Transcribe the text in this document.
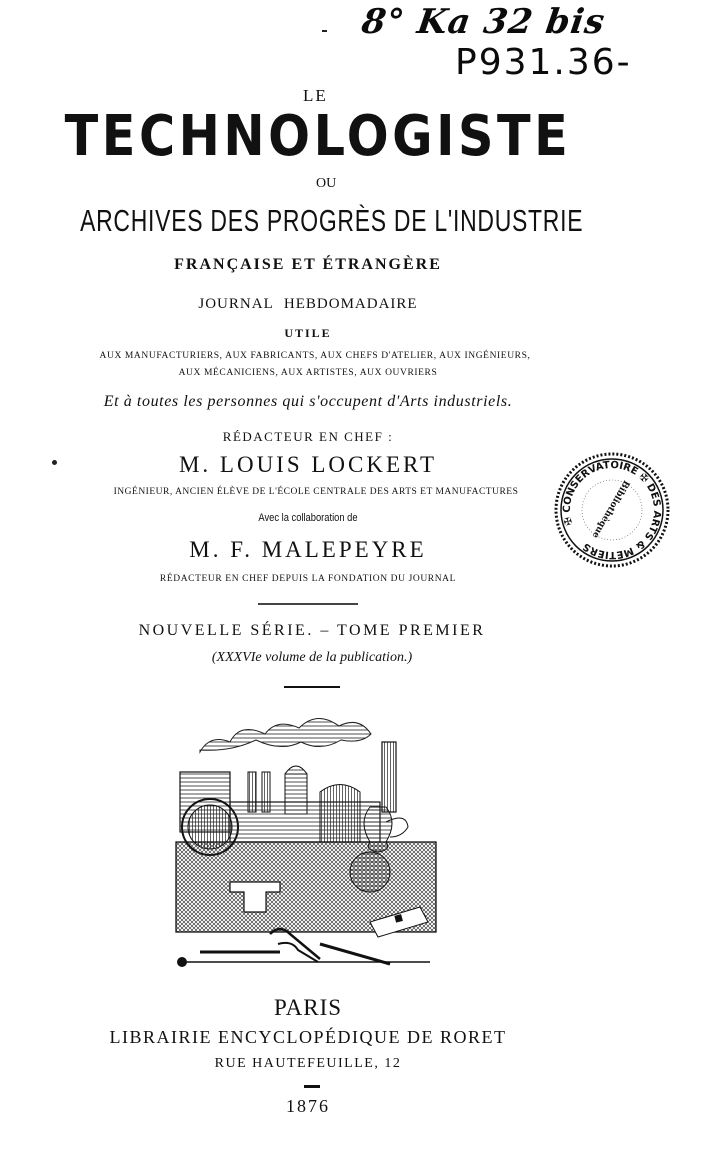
8° Ka 32 bis
P931.36-
LE
TECHNOLOGISTE
OU
ARCHIVES DES PROGRÈS DE L'INDUSTRIE
FRANÇAISE ET ÉTRANGÈRE
JOURNAL HEBDOMADAIRE
UTILE
AUX MANUFACTURIERS, AUX FABRICANTS, AUX CHEFS D'ATELIER, AUX INGÉNIEURS,
AUX MÉCANICIENS, AUX ARTISTES, AUX OUVRIERS
Et à toutes les personnes qui s'occupent d'Arts industriels.
RÉDACTEUR EN CHEF :
M. LOUIS LOCKERT
INGÉNIEUR, ANCIEN ÉLÈVE DE L'ÉCOLE CENTRALE DES ARTS ET MANUFACTURES
Avec la collaboration de
M. F. MALEPEYRE
RÉDACTEUR EN CHEF DEPUIS LA FONDATION DU JOURNAL
NOUVELLE SÉRIE. – TOME PREMIER
(XXXVIe volume de la publication.)
✠ CONSERVATOIRE ✠ DES ARTS & MÉTIERS
Bibliothèque
PARIS
LIBRAIRIE ENCYCLOPÉDIQUE DE RORET
RUE HAUTEFEUILLE, 12
1876
